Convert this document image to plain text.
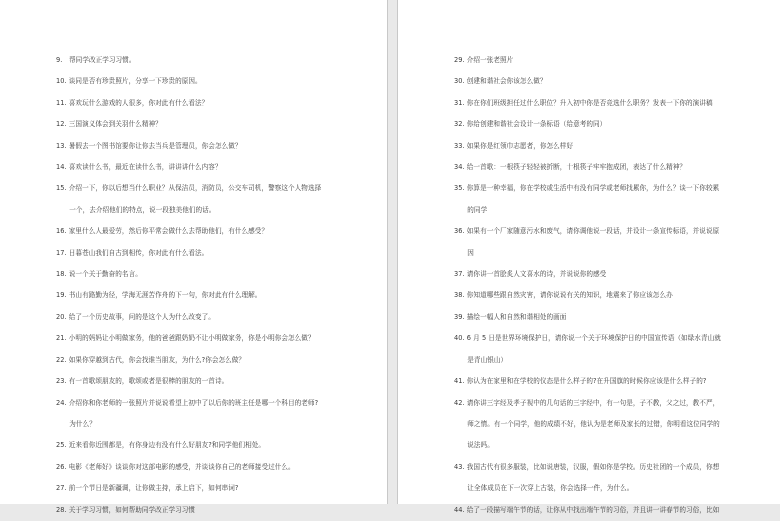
9.　帮同学改正学习习惯。
10. 谈同是否有珍贵照片，分享一下珍贵的原因。
11. 喜欢玩什么游戏的人很多，你对此有什么看法？
12. 三国演义体会到关羽什么精神？
13. 暑假去一个图书馆要你让你去当兵是管理员，你会怎么做？
14. 喜欢读什么书，最近在读什么书，讲讲讲什么内容？
15. 介绍一下，你以后想当什么职业？从保洁员，消防员，公交车司机，警察这个人物选择
　　一个，去介绍他们的特点，说一段独美他们的话。
16. 家里什么人最爱劳，然后你平常会做什么去帮助他们，有什么感受？
17. 日暮苍山我们自古到相传，你对此有什么看法。
18. 说一个关于勤奋的名言。
19. 书山有路勤为径，学海无涯苦作舟的下一句，你对此有什么理解。
20. 给了一个历史故事，问的是这个人为什么改变了。
21. 小明的妈妈让小明做家务，他的爸爸跟奶奶不让小明做家务，你是小明你会怎么做？
22. 如果你穿越到古代，你会找谁当朋友，为什么?你会怎么做？
23. 有一首歌颂朋友的，歌颂或者是很棒的朋友的一首诗。
24. 介绍你和你老师的一张照片并说说希望上初中了以后你的班主任是哪一个科目的老师?
　　为什么？
25. 近来看你近围都是，有你身边有没有什么好朋友?和同学他们相处。
26. 电影《老师好》谈谈你对这部电影的感受，并谈谈你自己的老师接受过什么。
27. 前一个节日是新疆调，让你做主持，承上启下，如何串词?
28. 关于学习习惯，如何帮助同学改正学习习惯
29. 介绍一张老照片
30. 创建和谐社会你该怎么做？
31. 你在你们班级担任过什么职位？升入初中你是否竞选什么职务？发表一下你的演讲稿
32. 你给创建和谐社会设计一条标语（给意考的同）
33. 如果你是红领巾志愿者，你怎么样好
34. 给一首歌：一根筷子轻轻被折断，十根筷子牢牢抱成团，表达了什么精神？
35. 你算是一种幸福，你在学校或生活中有没有同学或老师找累你，为什么？谈一下你较累
　　的同学
36. 如果有一个厂家随意污水和废气，请你调他说一段话，并设计一条宣传标语，并说说原
　　因
37. 请你讲一首脍炙人文喜水的诗，并说说你的感受
38. 你知道哪些跟自然灾害，请你说说有关的知识，地震来了你应该怎么办
39. 描绘一幅人和自然和谐相处的画面
40. 6 月 5 日是世界环境保护日，请你说一个关于环境保护日的中国宣传语（如绿水青山就
　　是青山银山）
41. 你认为在家里和在学校的仪态是什么样子的?在升国旗的时候你应该是什么样子的?
42. 请你讲三字经及孝子视中的几句话的三字经中，有一句是，子不教，父之过，教不严，
　　师之惰。有一个同学，他的成绩不好，他认为是老师及家长的过错，你明看这位同学的
　　说法吗。
43. 我国古代有很多服装，比如说唐装，汉服，假如你是学校。历史社团的一个成员，你想
　　让全体成员在下一次穿上古装，你会选择一件，为什么。
44. 给了一段描写端午节的话，让你从中找出端午节的习俗，并且讲一讲春节的习俗，比如
